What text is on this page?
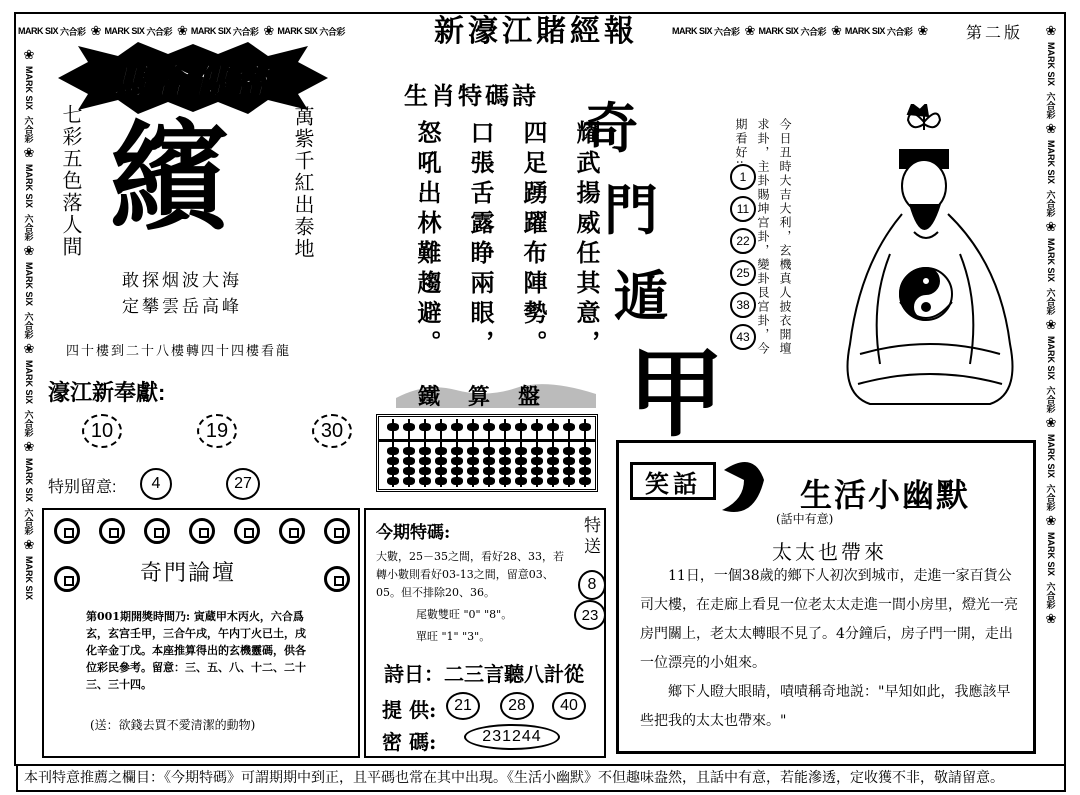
MARK SIX 六合彩 ❀ MARK SIX 六合彩 ❀ MARK SIX 六合彩 ❀ MARK SIX 六合彩	新濠江賭經報	MARK SIX 六合彩 ❀ MARK SIX 六合彩 ❀ MARK SIX 六合彩 ❀ 第二版
❀
MARK SIX
六合彩
❀
MARK SIX
六合彩
❀
MARK SIX
六合彩
❀
MARK SIX
六合彩
❀
MARK SIX
六合彩
❀
MARK SIX
❀
MARK SIX
六合彩
❀
MARK SIX
六合彩
❀
MARK SIX
六合彩
❀
MARK SIX
六合彩
❀
MARK SIX
六合彩
❀
MARK SIX
六合彩
❀
馬會傳密
七彩五色落人間 繽	萬紫千紅出泰地
敢探烟波大海
定攀雲岳高峰
四十樓到二十八樓轉四十四樓看龍
濠江新奉獻:
10	19	30
特别留意:	4	27
奇門論壇
第001期開獎時間乃: 寅蔵甲木丙火，六合爲玄，玄宫壬甲，三合午戌，午内丁火已土，戌化辛金丁戊。本座推算得出的玄機靈碼，供各位彩民參考。留意：三、五、八、十二、二十三、三十四。
(送：欲錢去買不愛清潔的動物)
生肖特碼詩
耀武揚威任其意，
四足踴躍布陣勢。
口張舌露睁兩眼，
怒吼出林難趨避。	奇
門
遁
甲
鐵算盤
今期特碼:	特送
大數，25－35之間，看好28、33，若轉小數則看好03-13之間，留意03、05。但不排除20、36。
尾數雙旺 "0" "8"。
單旺 "1" "3"。
8
23
詩日：二三言聽八計從
提 供:	21	28	40
密 碼:	231244
今日丑時大吉大利，玄機真人披衣開壇求卦，主卦賜坤宫卦，變卦艮宫卦，今期看好:
1
11
22
25
38
43
笑話	生活小幽默
(話中有意)
太太也帶來
11日，一個38歲的鄉下人初次到城市，走進一家百貨公司大樓，在走廊上看見一位老太太走進一間小房里，燈光一亮房門關上，老太太轉眼不見了。4分鐘后，房子門一開，走出一位漂亮的小姐來。
鄉下人瞪大眼睛，嘖嘖稱奇地説："早知如此，我應該早些把我的太太也帶來。"
本刊特意推薦之欄目：《今期特碼》可謂期期中到正，且平碼也常在其中出現。《生活小幽默》不但趣味盎然，且話中有意，若能滲透，定收獲不非，敬請留意。
